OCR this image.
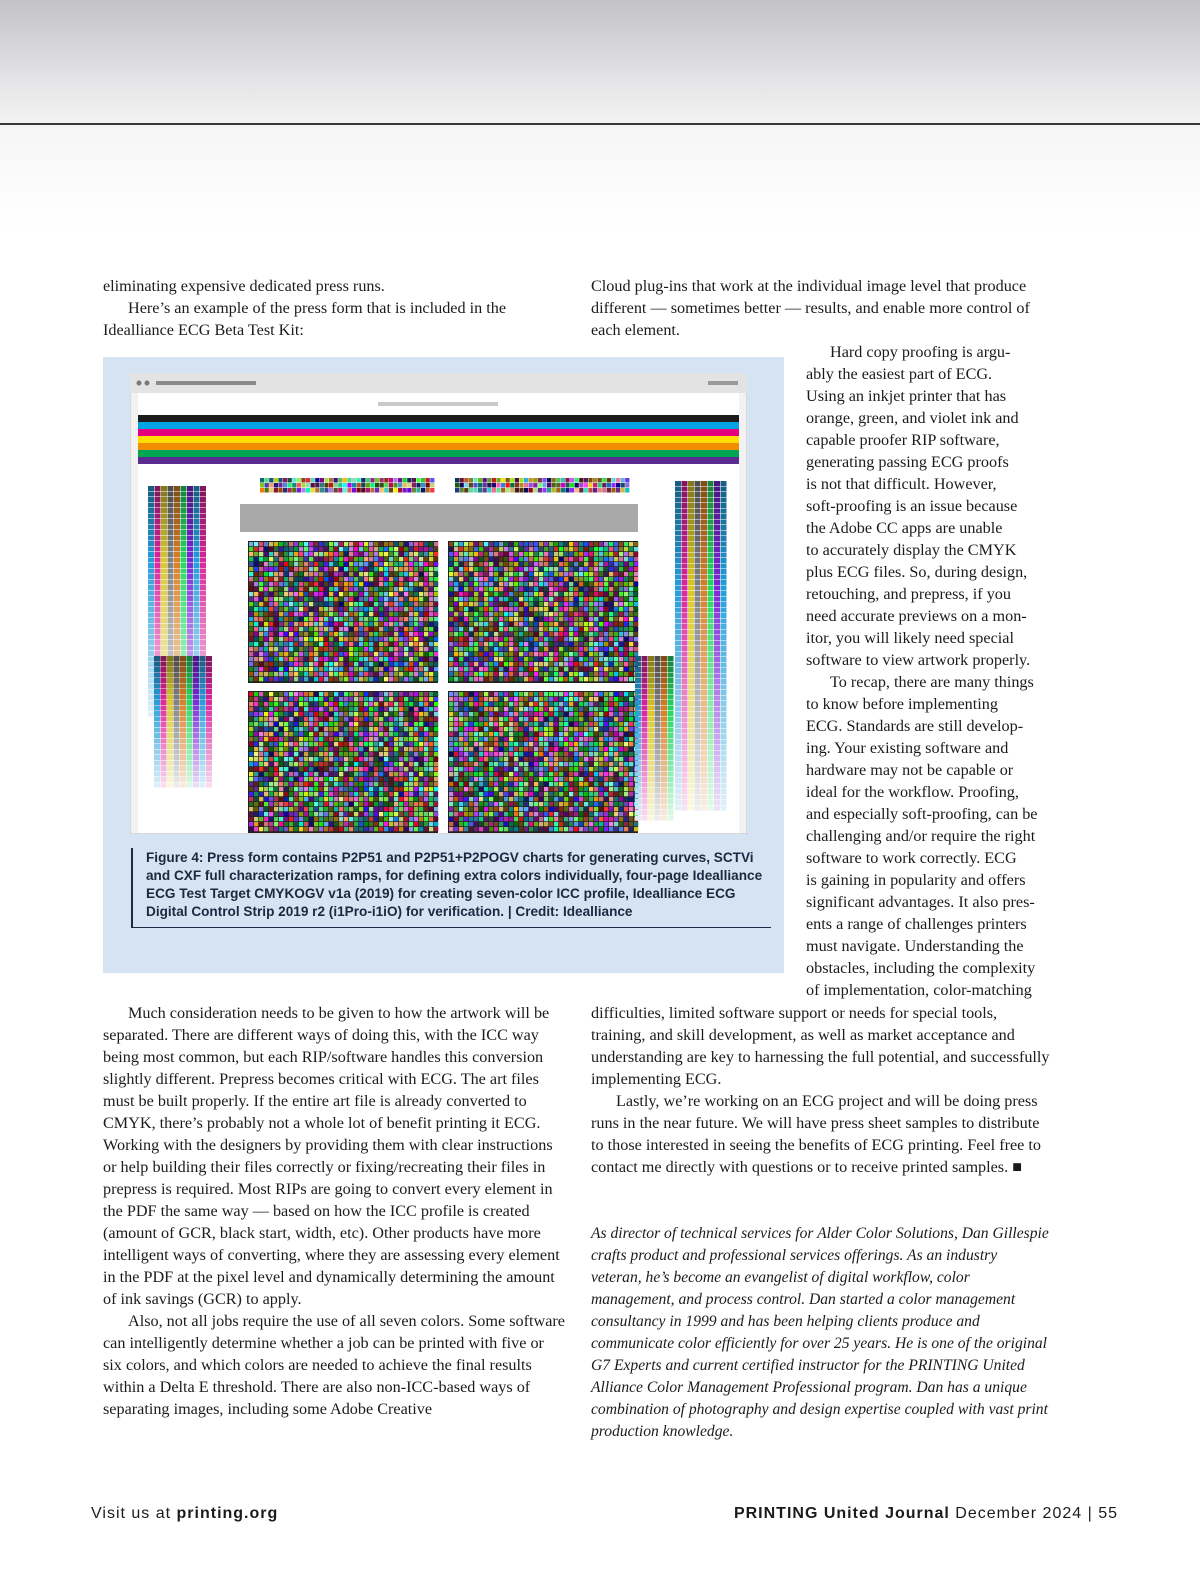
eliminating expensive dedicated press runs.

Here’s an example of the press form that is included in the Idealliance ECG Beta Test Kit:

Cloud plug-ins that work at the individual image level that produce different — sometimes better — results, and enable more control of each element.

Hard copy proofing is argu-
ably the easiest part of ECG.
Using an inkjet printer that has
orange, green, and violet ink and
capable proofer RIP software,
generating passing ECG proofs
is not that difficult. However,
soft-proofing is an issue because
the Adobe CC apps are unable
to accurately display the CMYK
plus ECG files. So, during design,
retouching, and prepress, if you
need accurate previews on a mon-
itor, you will likely need special
software to view artwork properly.
To recap, there are many things
to know before implementing
ECG. Standards are still develop-
ing. Your existing software and
hardware may not be capable or
ideal for the workflow. Proofing,
and especially soft-proofing, can be
challenging and/or require the right
software to work correctly. ECG
is gaining in popularity and offers
significant advantages. It also pres-
ents a range of challenges printers
must navigate. Understanding the
obstacles, including the complexity
of implementation, color-matching
Figure 4: Press form contains P2P51 and P2P51+P2POGV charts for generating curves, SCTVi and CXF full characterization ramps, for defining extra colors individually, four-page Idealliance ECG Test Target CMYKOGV v1a (2019) for creating seven-color ICC profile, Idealliance ECG Digital Control Strip 2019 r2 (i1Pro-i1iO) for verification. | Credit: Idealliance

Much consideration needs to be given to how the artwork will be separated. There are different ways of doing this, with the ICC way being most common, but each RIP/software handles this conversion slightly different. Prepress becomes critical with ECG. The art files must be built properly. If the entire art file is already converted to CMYK, there’s probably not a whole lot of benefit printing it ECG. Working with the designers by providing them with clear instructions or help building their files correctly or fixing/recreating their files in prepress is required. Most RIPs are going to convert every element in the PDF the same way — based on how the ICC profile is created (amount of GCR, black start, width, etc). Other products have more intelligent ways of converting, where they are assessing every element in the PDF at the pixel level and dynamically determining the amount of ink savings (GCR) to apply.

Also, not all jobs require the use of all seven colors. Some software can intelligently determine whether a job can be printed with five or six colors, and which colors are needed to achieve the final results within a Delta E threshold. There are also non-ICC-based ways of separating images, including some Adobe Creative

difficulties, limited software support or needs for special tools, training, and skill development, as well as market acceptance and understanding are key to harnessing the full potential, and successfully implementing ECG.

Lastly, we’re working on an ECG project and will be doing press runs in the near future. We will have press sheet samples to distribute to those interested in seeing the benefits of ECG printing. Feel free to contact me directly with questions or to receive printed samples. ■

As director of technical services for Alder Color Solutions, Dan Gillespie crafts product and professional services offerings. As an industry veteran, he’s become an evangelist of digital workflow, color management, and process control. Dan started a color management consultancy in 1999 and has been helping clients produce and communicate color efficiently for over 25 years. He is one of the original G7 Experts and current certified instructor for the PRINTING United Alliance Color Management Professional program. Dan has a unique combination of photography and design expertise coupled with vast print production knowledge.

Visit us at printing.org	PRINTING United Journal December 2024 | 55
